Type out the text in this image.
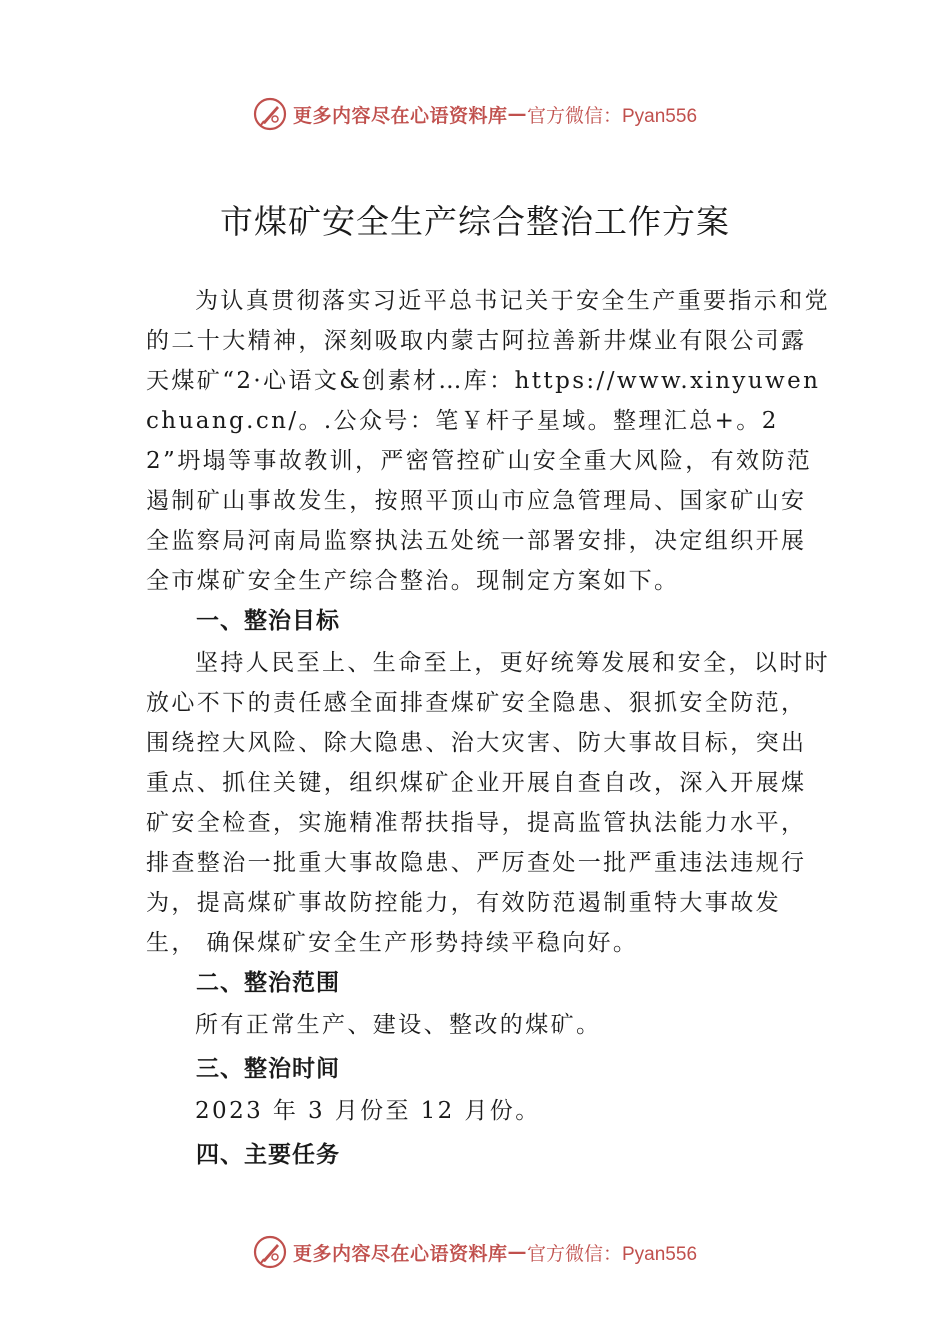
更多内容尽在心语资料库 — 官方微信：Pyan556
市煤矿安全生产综合整治工作方案

为认真贯彻落实习近平总书记关于安全生产重要指示和党的二十大精神，深刻吸取内蒙古阿拉善新井煤业有限公司露天煤矿“2·心语文&创素材…库：https://www.xinyuwenchuang.cn/。.公众号：笔￥杆子星域。整理汇总+。22”坍塌等事故教训，严密管控矿山安全重大风险，有效防范遏制矿山事故发生，按照平顶山市应急管理局、国家矿山安全监察局河南局监察执法五处统一部署安排，决定组织开展全市煤矿安全生产综合整治。现制定方案如下。

一、整治目标

坚持人民至上、生命至上，更好统筹发展和安全，以时时放心不下的责任感全面排查煤矿安全隐患、狠抓安全防范，围绕控大风险、除大隐患、治大灾害、防大事故目标，突出重点、抓住关键，组织煤矿企业开展自查自改，深入开展煤矿安全检查，实施精准帮扶指导，提高监管执法能力水平， 排查整治一批重大事故隐患、严厉查处一批严重违法违规行 为，提高煤矿事故防控能力，有效防范遏制重特大事故发生， 确保煤矿安全生产形势持续平稳向好。

二、整治范围

所有正常生产、建设、整改的煤矿。

三、整治时间

2023 年 3 月份至 12 月份。

四、主要任务

更多内容尽在心语资料库 — 官方微信：Pyan556
